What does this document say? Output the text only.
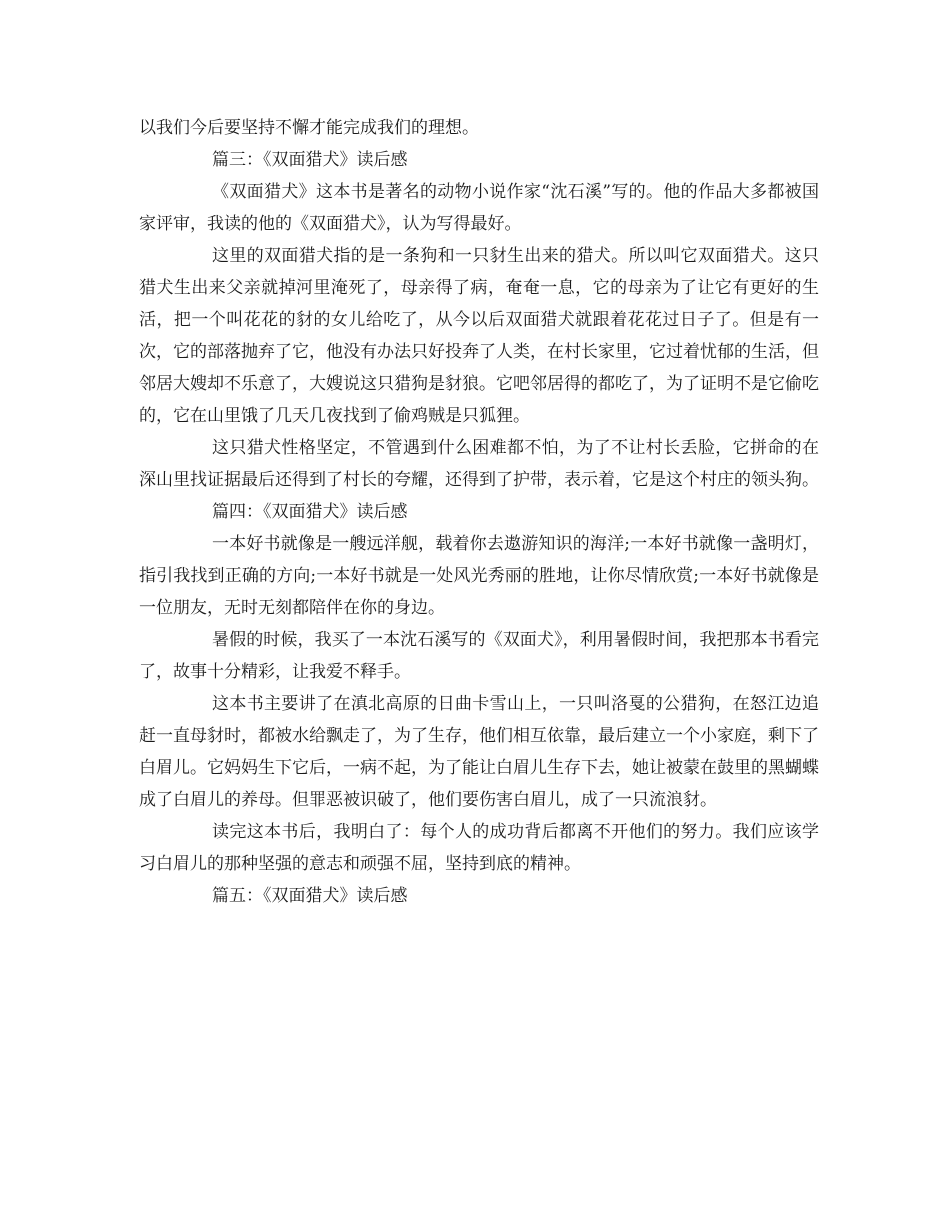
以我们今后要坚持不懈才能完成我们的理想。

篇三：《双面猎犬》读后感

《双面猎犬》这本书是著名的动物小说作家“沈石溪”写的。他的作品大多都被国家评审，我读的他的《双面猎犬》，认为写得最好。

这里的双面猎犬指的是一条狗和一只豺生出来的猎犬。所以叫它双面猎犬。这只猎犬生出来父亲就掉河里淹死了，母亲得了病，奄奄一息，它的母亲为了让它有更好的生活，把一个叫花花的豺的女儿给吃了，从今以后双面猎犬就跟着花花过日子了。但是有一次，它的部落抛弃了它，他没有办法只好投奔了人类，在村长家里，它过着忧郁的生活，但邻居大嫂却不乐意了，大嫂说这只猎狗是豺狼。它吧邻居得的都吃了，为了证明不是它偷吃的，它在山里饿了几天几夜找到了偷鸡贼是只狐狸。

这只猎犬性格坚定，不管遇到什么困难都不怕，为了不让村长丢脸，它拼命的在深山里找证据最后还得到了村长的夸耀，还得到了护带，表示着，它是这个村庄的领头狗。

篇四：《双面猎犬》读后感

一本好书就像是一艘远洋舰，载着你去遨游知识的海洋;一本好书就像一盏明灯，指引我找到正确的方向;一本好书就是一处风光秀丽的胜地，让你尽情欣赏;一本好书就像是一位朋友，无时无刻都陪伴在你的身边。

暑假的时候，我买了一本沈石溪写的《双面犬》，利用暑假时间，我把那本书看完了，故事十分精彩，让我爱不释手。

这本书主要讲了在滇北高原的日曲卡雪山上，一只叫洛戛的公猎狗，在怒江边追赶一直母豺时，都被水给飘走了，为了生存，他们相互依靠，最后建立一个小家庭，剩下了白眉儿。它妈妈生下它后，一病不起，为了能让白眉儿生存下去，她让被蒙在鼓里的黑蝴蝶成了白眉儿的养母。但罪恶被识破了，他们要伤害白眉儿，成了一只流浪豺。

读完这本书后，我明白了：每个人的成功背后都离不开他们的努力。我们应该学习白眉儿的那种坚强的意志和顽强不屈，坚持到底的精神。

篇五：《双面猎犬》读后感
